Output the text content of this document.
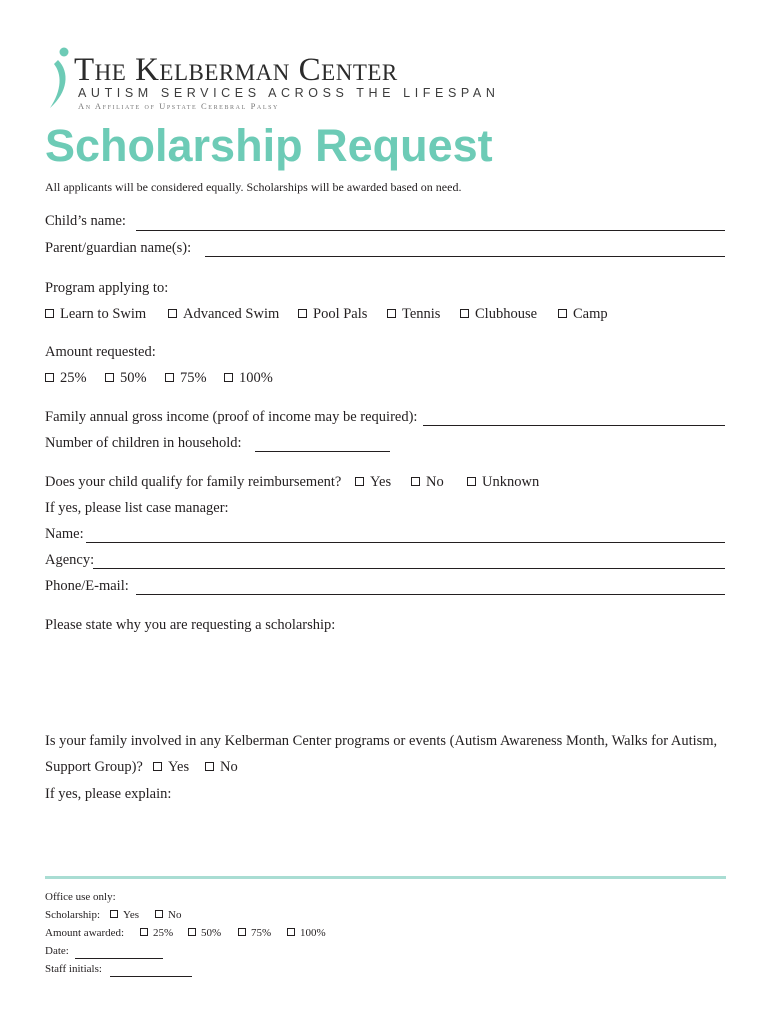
The Kelberman Center
AUTISM SERVICES ACROSS THE LIFESPAN
An Affiliate of Upstate Cerebral Palsy
Scholarship Request
All applicants will be considered equally. Scholarships will be awarded based on need.
Child’s name:
Parent/guardian name(s):
Program applying to:
Learn to Swim	Advanced Swim	Pool Pals	Tennis	Clubhouse	Camp
Amount requested:
25%	50%	75%	100%
Family annual gross income (proof of income may be required):
Number of children in household:
Does your child qualify for family reimbursement?	Yes	No	Unknown
If yes, please list case manager:
Name:
Agency:
Phone/E-mail:
Please state why you are requesting a scholarship:
Is your family involved in any Kelberman Center programs or events (Autism Awareness Month, Walks for Autism,
Support Group)?	Yes	No
If yes, please explain:
Office use only:
Scholarship:	Yes	No
Amount awarded:	25%	50%	75%	100%
Date:
Staff initials:
